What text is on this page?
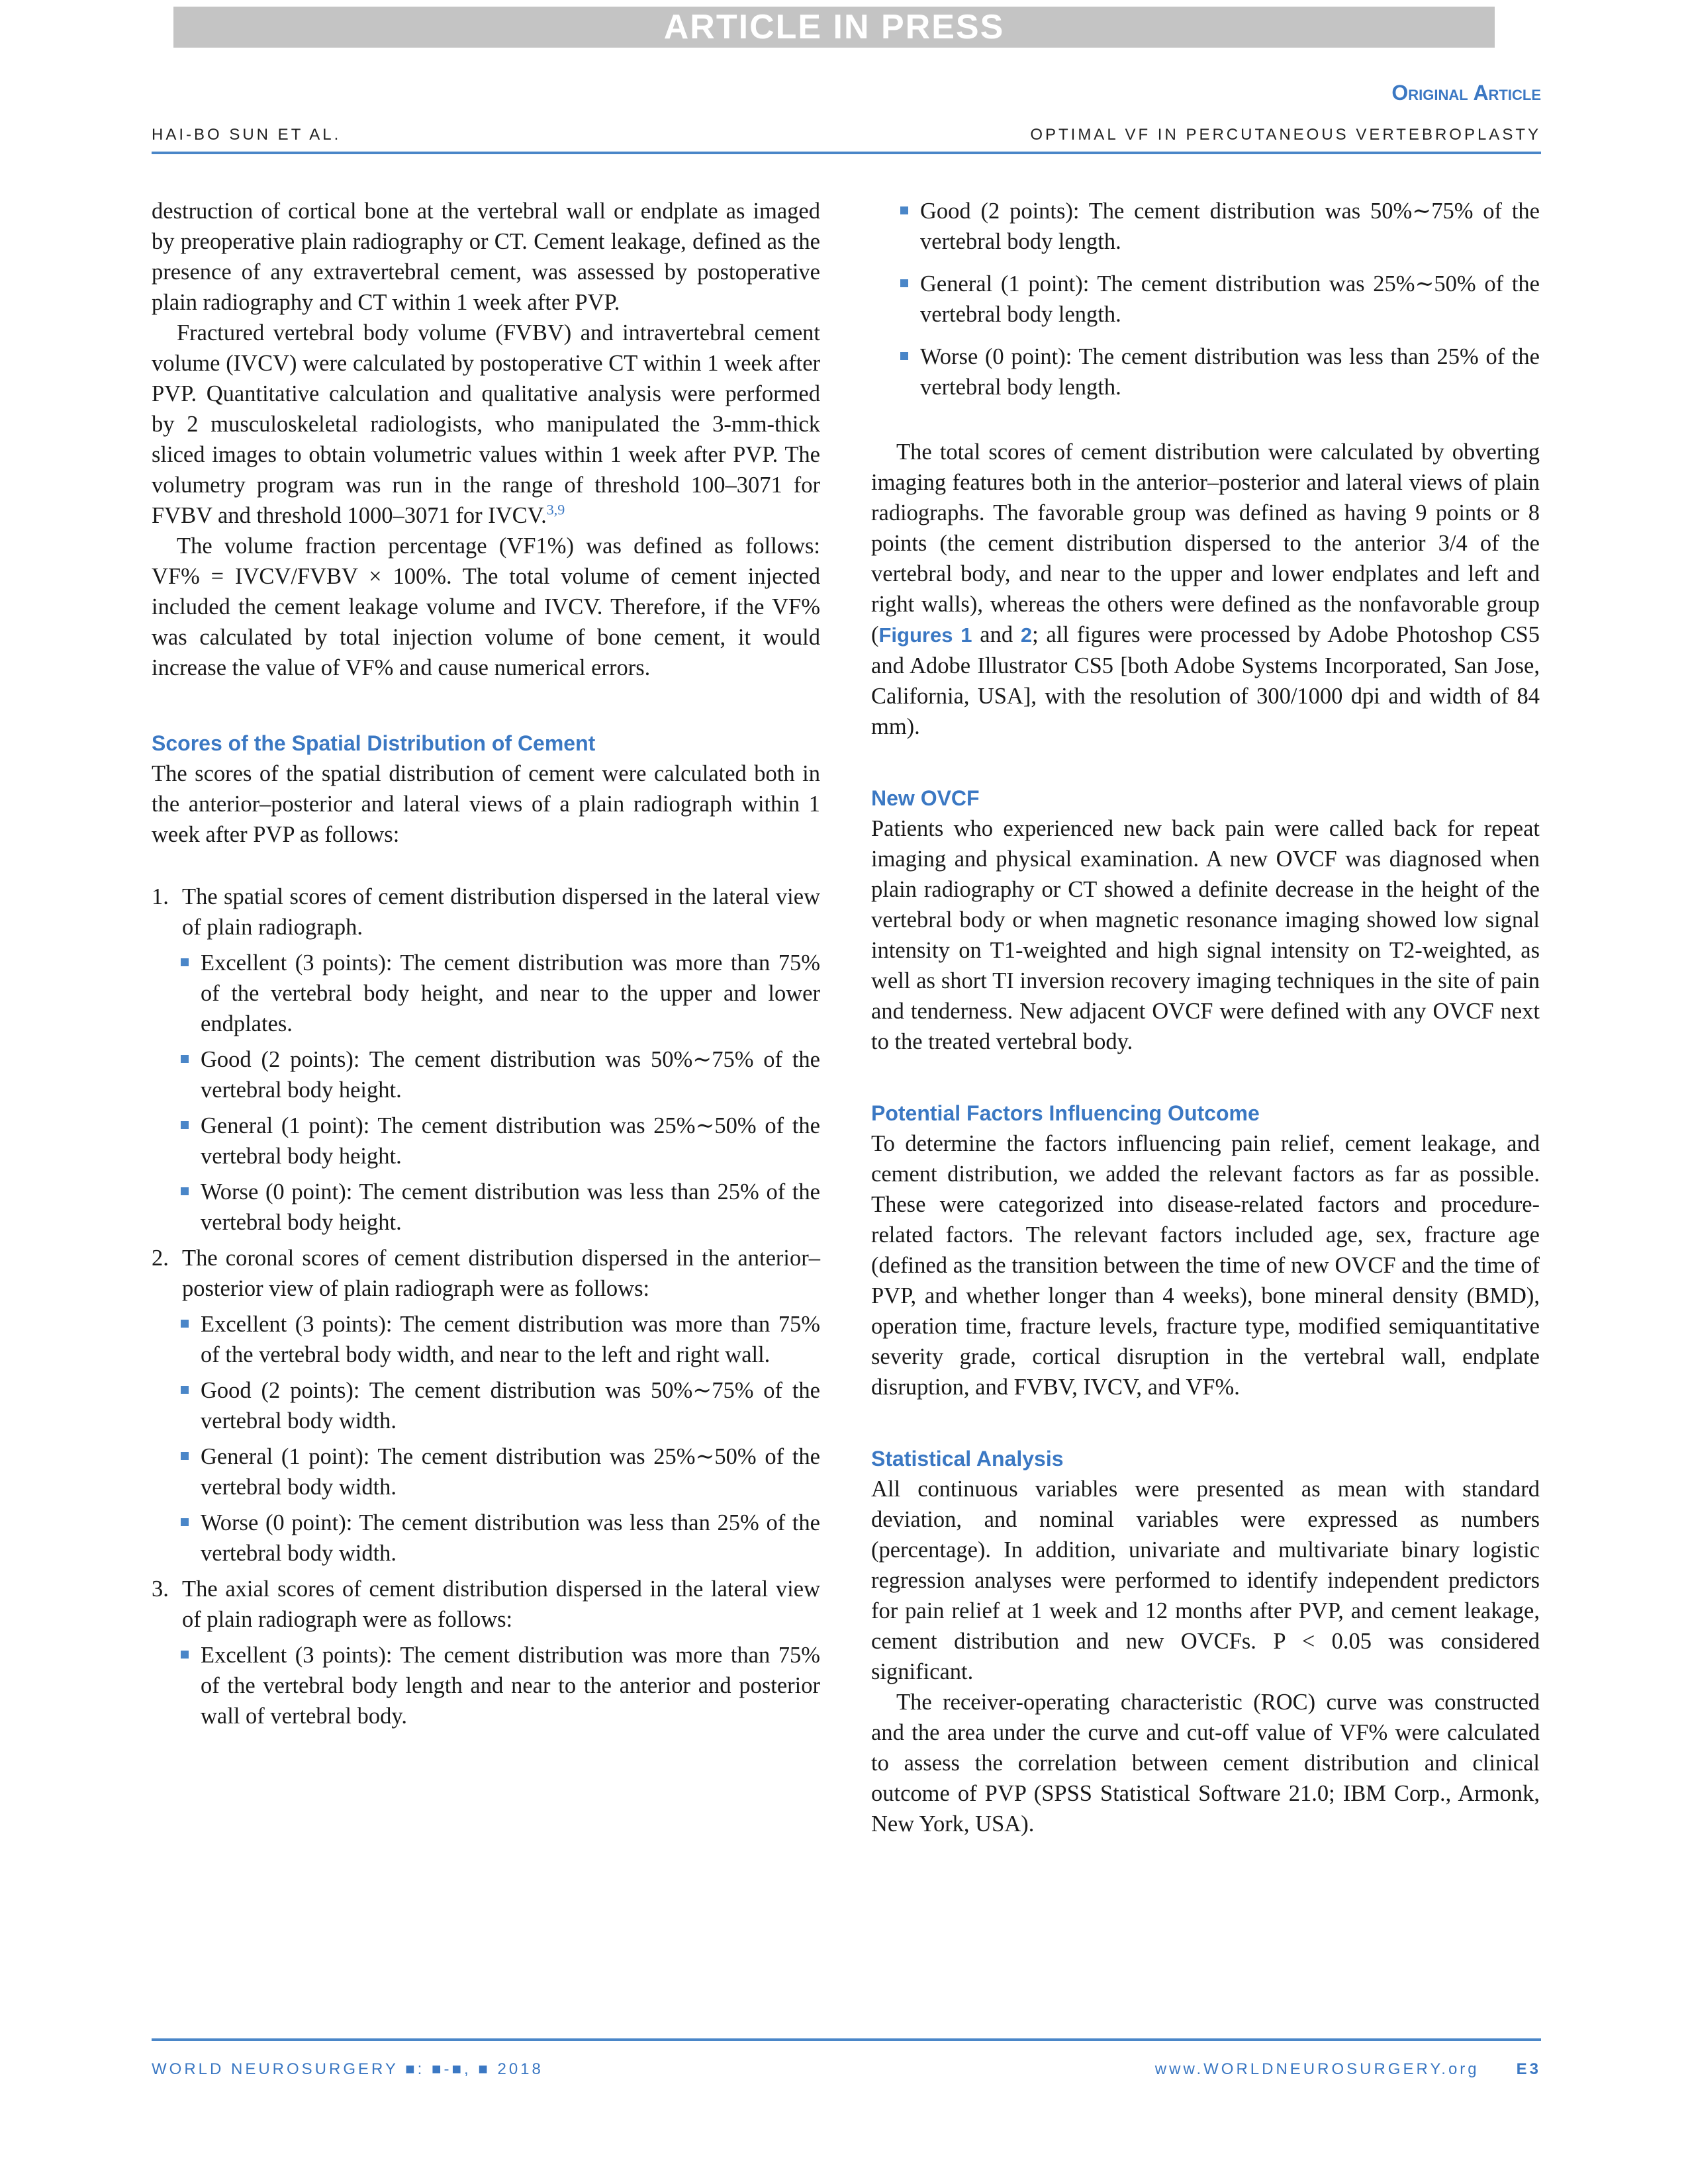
ARTICLE IN PRESS
Original Article
HAI-BO SUN ET AL.	OPTIMAL VF IN PERCUTANEOUS VERTEBROPLASTY

destruction of cortical bone at the vertebral wall or endplate as imaged by preoperative plain radiography or CT. Cement leakage, defined as the presence of any extravertebral cement, was assessed by postoperative plain radiography and CT within 1 week after PVP.

Fractured vertebral body volume (FVBV) and intravertebral cement volume (IVCV) were calculated by postoperative CT within 1 week after PVP. Quantitative calculation and qualitative analysis were performed by 2 musculoskeletal radiologists, who manipulated the 3-mm-thick sliced images to obtain volumetric values within 1 week after PVP. The volumetry program was run in the range of threshold 100–3071 for FVBV and threshold 1000–3071 for IVCV.$^{3,9}$

The volume fraction percentage (VF1%) was defined as follows: VF% = IVCV/FVBV × 100%. The total volume of cement injected included the cement leakage volume and IVCV. Therefore, if the VF% was calculated by total injection volume of bone cement, it would increase the value of VF% and cause numerical errors.

Scores of the Spatial Distribution of Cement

The scores of the spatial distribution of cement were calculated both in the anterior–posterior and lateral views of a plain radiograph within 1 week after PVP as follows:

1. The spatial scores of cement distribution dispersed in the lateral view of plain radiograph.
Excellent (3 points): The cement distribution was more than 75% of the vertebral body height, and near to the upper and lower endplates.
Good (2 points): The cement distribution was 50%∼75% of the vertebral body height.
General (1 point): The cement distribution was 25%∼50% of the vertebral body height.
Worse (0 point): The cement distribution was less than 25% of the vertebral body height.
2. The coronal scores of cement distribution dispersed in the anterior–posterior view of plain radiograph were as follows:
Excellent (3 points): The cement distribution was more than 75% of the vertebral body width, and near to the left and right wall.
Good (2 points): The cement distribution was 50%∼75% of the vertebral body width.
General (1 point): The cement distribution was 25%∼50% of the vertebral body width.
Worse (0 point): The cement distribution was less than 25% of the vertebral body width.
3. The axial scores of cement distribution dispersed in the lateral view of plain radiograph were as follows:
Excellent (3 points): The cement distribution was more than 75% of the vertebral body length and near to the anterior and posterior wall of vertebral body.
Good (2 points): The cement distribution was 50%∼75% of the vertebral body length.
General (1 point): The cement distribution was 25%∼50% of the vertebral body length.
Worse (0 point): The cement distribution was less than 25% of the vertebral body length.

The total scores of cement distribution were calculated by obverting imaging features both in the anterior–posterior and lateral views of plain radiographs. The favorable group was defined as having 9 points or 8 points (the cement distribution dispersed to the anterior 3/4 of the vertebral body, and near to the upper and lower endplates and left and right walls), whereas the others were defined as the nonfavorable group (Figures 1 and 2; all figures were processed by Adobe Photoshop CS5 and Adobe Illustrator CS5 [both Adobe Systems Incorporated, San Jose, California, USA], with the resolution of 300/1000 dpi and width of 84 mm).

New OVCF

Patients who experienced new back pain were called back for repeat imaging and physical examination. A new OVCF was diagnosed when plain radiography or CT showed a definite decrease in the height of the vertebral body or when magnetic resonance imaging showed low signal intensity on T1-weighted and high signal intensity on T2-weighted, as well as short TI inversion recovery imaging techniques in the site of pain and tenderness. New adjacent OVCF were defined with any OVCF next to the treated vertebral body.

Potential Factors Influencing Outcome

To determine the factors influencing pain relief, cement leakage, and cement distribution, we added the relevant factors as far as possible. These were categorized into disease-related factors and procedure-related factors. The relevant factors included age, sex, fracture age (defined as the transition between the time of new OVCF and the time of PVP, and whether longer than 4 weeks), bone mineral density (BMD), operation time, fracture levels, fracture type, modified semiquantitative severity grade, cortical disruption in the vertebral wall, endplate disruption, and FVBV, IVCV, and VF%.

Statistical Analysis

All continuous variables were presented as mean with standard deviation, and nominal variables were expressed as numbers (percentage). In addition, univariate and multivariate binary logistic regression analyses were performed to identify independent predictors for pain relief at 1 week and 12 months after PVP, and cement leakage, cement distribution and new OVCFs. P < 0.05 was considered significant.

The receiver-operating characteristic (ROC) curve was constructed and the area under the curve and cut-off value of VF% were calculated to assess the correlation between cement distribution and clinical outcome of PVP (SPSS Statistical Software 21.0; IBM Corp., Armonk, New York, USA).

WORLD NEUROSURGERY ■: ■-■, ■ 2018	www.WORLDNEUROSURGERY.org E3
